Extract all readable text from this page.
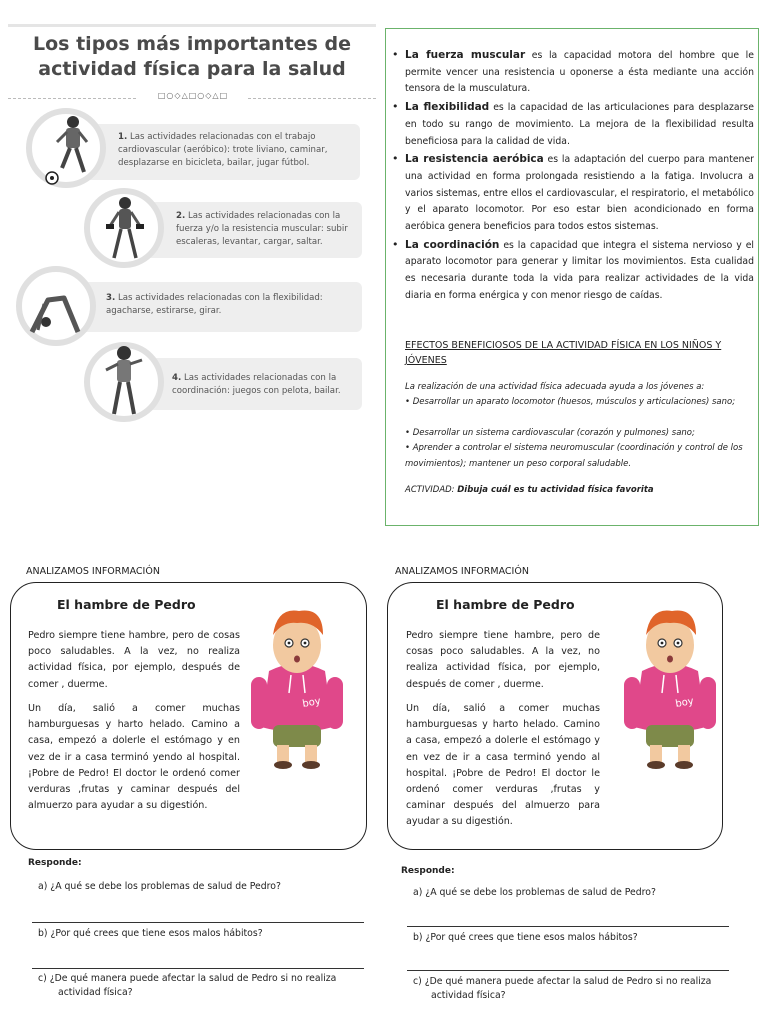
Los tipos más importantes de
actividad física para la salud
□○◇△□○◇△□
1. Las actividades relacionadas con el trabajo cardiovascular (aeróbico): trote liviano, caminar, desplazarse en bicicleta, bailar, jugar fútbol.
2. Las actividades relacionadas con la fuerza y/o la resistencia muscular: subir escaleras, levantar, cargar, saltar.
3. Las actividades relacionadas con la flexibilidad: agacharse, estirarse, girar.
4. Las actividades relacionadas con la coordinación: juegos con pelota, bailar.
• La fuerza muscular es la capacidad motora del hombre que le permite vencer una resistencia u oponerse a ésta mediante una acción tensora de la musculatura.
• La flexibilidad es la capacidad de las articulaciones para desplazarse en todo su rango de movimiento. La mejora de la flexibilidad resulta beneficiosa para la calidad de vida.
• La resistencia aeróbica es la adaptación del cuerpo para mantener una actividad en forma prolongada resistiendo a la fatiga. Involucra a varios sistemas, entre ellos el cardiovascular, el respiratorio, el metabólico y el aparato locomotor. Por eso estar bien acondicionado en forma aeróbica genera beneficios para todos estos sistemas.
• La coordinación es la capacidad que integra el sistema nervioso y el aparato locomotor para generar y limitar los movimientos. Esta cualidad es necesaria durante toda la vida para realizar actividades de la vida diaria en forma enérgica y con menor riesgo de caídas.
EFECTOS BENEFICIOSOS DE LA ACTIVIDAD FÍSICA EN LOS NIÑOS Y JÓVENES
La realización de una actividad física adecuada ayuda a los jóvenes a:
• Desarrollar un aparato locomotor (huesos, músculos y articulaciones) sano;
• Desarrollar un sistema cardiovascular (corazón y pulmones) sano;
• Aprender a controlar el sistema neuromuscular (coordinación y control de los movimientos); mantener un peso corporal saludable.
ACTIVIDAD: Dibuja cuál es tu actividad física favorita
ANALIZAMOS INFORMACIÓN
El hambre de Pedro
Pedro siempre tiene hambre, pero de cosas poco saludables. A la vez, no realiza actividad física, por ejemplo, después de comer , duerme.
Un día, salió a comer muchas hamburguesas y harto helado. Camino a casa, empezó a dolerle el estómago y en vez de ir a casa terminó yendo al hospital. ¡Pobre de Pedro! El doctor le ordenó comer verduras ,frutas y caminar después del almuerzo para ayudar a su digestión.
boy
Responde:
a) ¿A qué se debe los problemas de salud de Pedro?
b) ¿Por qué crees que tiene esos malos hábitos?
c) ¿De qué manera puede afectar la salud de Pedro si no realiza
actividad física?
ANALIZAMOS INFORMACIÓN
El hambre de Pedro
Pedro siempre tiene hambre, pero de cosas poco saludables. A la vez, no realiza actividad física, por ejemplo, después de comer , duerme.
Un día, salió a comer muchas hamburguesas y harto helado. Camino a casa, empezó a dolerle el estómago y en vez de ir a casa terminó yendo al hospital. ¡Pobre de Pedro! El doctor le ordenó comer verduras ,frutas y caminar después del almuerzo para ayudar a su digestión.
boy
Responde:
a) ¿A qué se debe los problemas de salud de Pedro?
b) ¿Por qué crees que tiene esos malos hábitos?
c) ¿De qué manera puede afectar la salud de Pedro si no realiza
actividad física?
